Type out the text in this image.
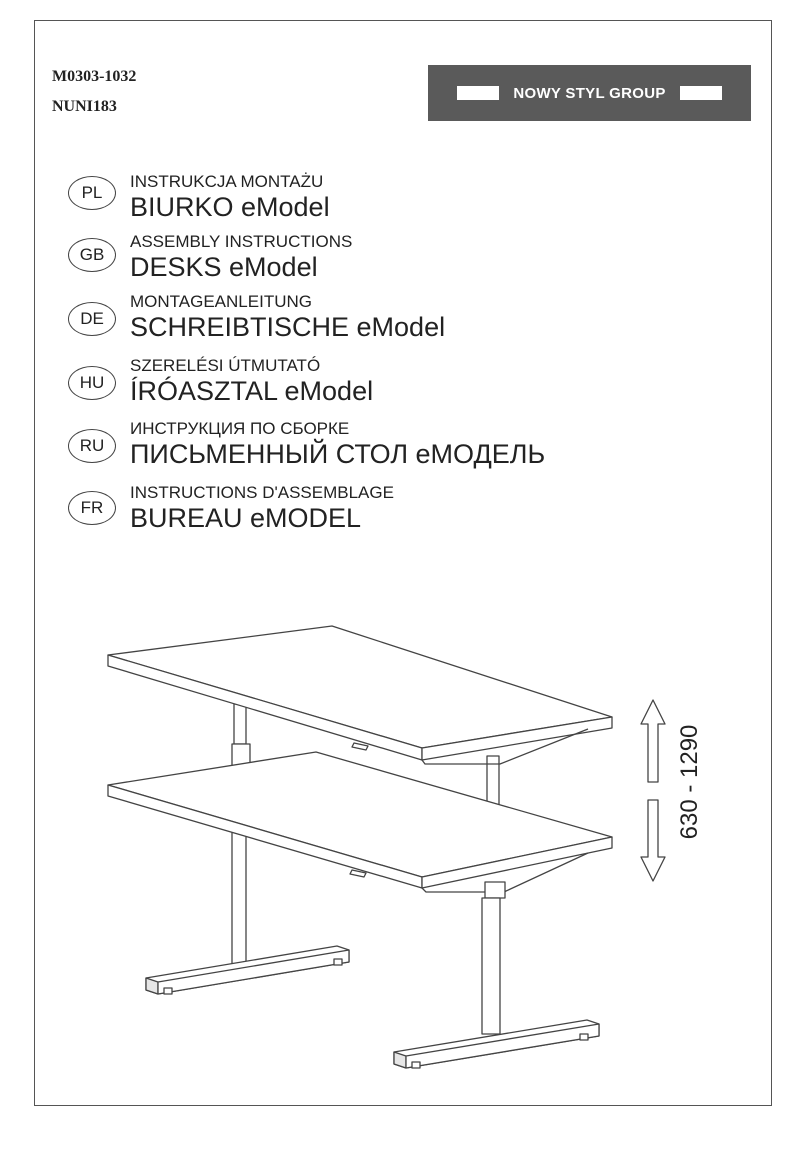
M0303-1032
NUNI183
NOWY STYL GROUP
PL
INSTRUKCJA MONTAŻU
BIURKO eModel
GB
ASSEMBLY INSTRUCTIONS
DESKS eModel
DE
MONTAGEANLEITUNG
SCHREIBTISCHE eModel
HU
SZERELÉSI ÚTMUTATÓ
ÍRÓASZTAL eModel
RU
ИНСТРУКЦИЯ ПО СБОРКЕ
ПИСЬМЕННЫЙ СТОЛ еМОДЕЛЬ
FR
INSTRUCTIONS D'ASSEMBLAGE
BUREAU eMODEL
630 - 1290
